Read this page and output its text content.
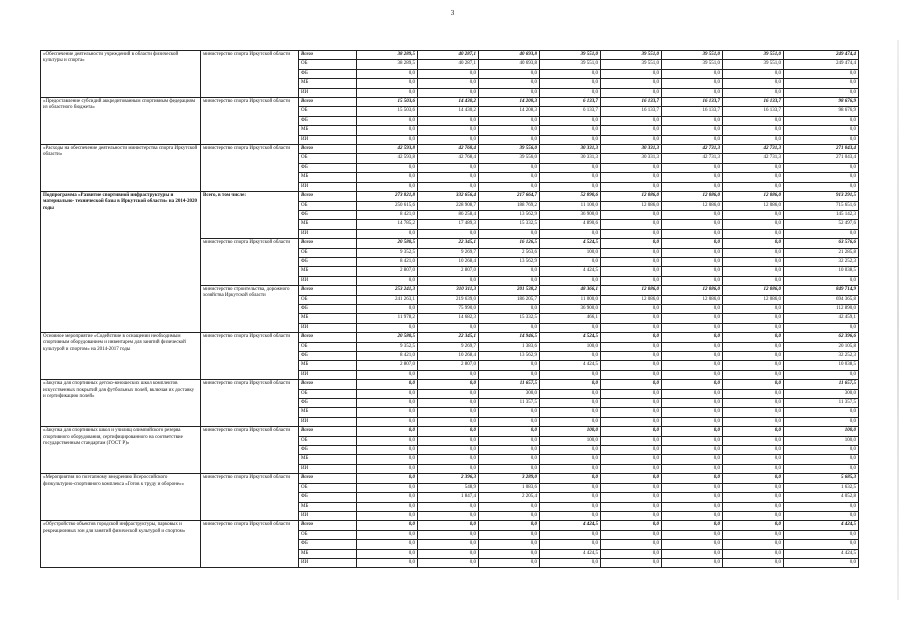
3
«Обеспечение деятельности учреждений в области физической культуры и спорта»	министерство спорта Иркутской области	Всего	38 289,5	40 287,1	40 693,8	39 551,0	39 551,0	39 551,0	39 551,0	249 474,4
		ОБ	38 289,5	40 287,1	40 693,8	39 551,0	39 551,0	39 551,0	39 551,0	249 474,4
		ФБ	0,0	0,0	0,0	0,0	0,0	0,0	0,0	0,0
		МБ	0,0	0,0	0,0	0,0	0,0	0,0	0,0	0,0
		ИИ	0,0	0,0	0,0	0,0	0,0	0,0	0,0	0,0
«Предоставление субсидий аккредитованным спортивным федерациям из областного бюджета»	министерство спорта Иркутской области	Всего	15 503,6	14 430,2	14 208,3	6 133,7	16 133,7	16 133,7	16 133,7	98 676,9
		ОБ	15 503,6	14 430,2	14 208,3	6 133,7	16 133,7	16 133,7	16 133,7	98 676,9
		ФБ	0,0	0,0	0,0	0,0	0,0	0,0	0,0	0,0
		МБ	0,0	0,0	0,0	0,0	0,0	0,0	0,0	0,0
		ИИ	0,0	0,0	0,0	0,0	0,0	0,0	0,0	0,0
«Расходы на обеспечение деятельности министерства спорта Иркутской области»	министерство спорта Иркутской области	Всего	42 593,8	42 768,4	39 556,0	30 331,3	30 331,3	42 731,3	42 731,3	271 043,4
		ОБ	42 593,8	42 768,4	39 556,0	30 331,3	30 331,3	42 731,3	42 731,3	271 043,4
		ФБ	0,0	0,0	0,0	0,0	0,0	0,0	0,0	0,0
		МБ	0,0	0,0	0,0	0,0	0,0	0,0	0,0	0,0
		ИИ	0,0	0,0	0,0	0,0	0,0	0,0	0,0	0,0
Подпрограмма «Развитие спортивной инфраструктуры и материально- технической базы в Иркутской области» на 2014-2020 годы	Всего, в том числе:	Всего	273 821,8	332 656,4	217 664,7	52 890,6	12 086,0	12 086,0	12 086,0	913 291,5
		ОБ	250 615,6	228 908,7	188 769,2	11 100,0	12 086,0	12 086,0	12 086,0	715 651,6
		ФБ	8 421,0	86 258,4	13 562,9	36 900,0	0,0	0,0	0,0	145 142,3
		МБ	14 785,2	17 489,3	15 332,5	4 890,6	0,0	0,0	0,0	52 497,6
		ИИ	0,0	0,0	0,0	0,0	0,0	0,0	0,0	0,0
	министерство спорта Иркутской области	Всего	20 580,5	22 345,1	16 126,5	4 524,5	0,0	0,0	0,0	63 576,6
		ОБ	9 352,5	9 269,7	2 563,6	100,0	0,0	0,0	0,0	21 285,8
		ФБ	8 421,0	10 268,4	13 562,9	0,0	0,0	0,0	0,0	32 252,3
		МБ	2 807,0	2 807,0	0,0	4 424,5	0,0	0,0	0,0	10 038,5
		ИИ	0,0	0,0	0,0	0,0	0,0	0,0	0,0	0,0
	министерство строительства, дорожного хозяйства Иркутской области	Всего	253 241,3	310 311,3	201 538,2	48 366,1	12 086,0	12 086,0	12 086,0	849 714,9
		ОБ	241 263,1	219 639,0	186 205,7	11 000,0	12 086,0	12 086,0	12 086,0	694 365,8
		ФБ	0,0	75 990,0	0,0	36 900,0	0,0	0,0	0,0	112 890,0
		МБ	11 978,2	14 682,3	15 332,5	466,1	0,0	0,0	0,0	42 459,1
		ИИ	0,0	0,0	0,0	0,0	0,0	0,0	0,0	0,0
Основное мероприятие «Содействие в оснащении необходимым спортивным оборудованием и инвентарем для занятий физической культурой и спортом» на 2014-2017 годы	министерство спорта Иркутской области	Всего	20 580,5	22 345,1	14 946,5	4 524,5	0,0	0,0	0,0	62 396,6
		ОБ	9 352,5	9 269,7	1 383,6	100,0	0,0	0,0	0,0	20 105,8
		ФБ	8 421,0	10 268,4	13 562,9	0,0	0,0	0,0	0,0	32 252,3
		МБ	2 807,0	2 807,0	0,0	4 424,5	0,0	0,0	0,0	10 038,5
		ИИ	0,0	0,0	0,0	0,0	0,0	0,0	0,0	0,0
«Закупка для спортивных детско-юношеских школ комплектов искусственных покрытий для футбольных полей, включая их доставку и сертификацию полей»	министерство спорта Иркутской области	Всего	0,0	0,0	11 657,5	0,0	0,0	0,0	0,0	11 657,5
		ОБ	0,0	0,0	300,0	0,0	0,0	0,0	0,0	300,0
		ФБ	0,0	0,0	11 357,5	0,0	0,0	0,0	0,0	11 357,5
		МБ	0,0	0,0	0,0	0,0	0,0	0,0	0,0	0,0
		ИИ	0,0	0,0	0,0	0,0	0,0	0,0	0,0	0,0
«Закупка для спортивных школ и училищ олимпийского резерва спортивного оборудования, сертифицированного на соответствие государственным стандартам (ГОСТ Р)»	министерство спорта Иркутской области	Всего	0,0	0,0	0,0	100,0	0,0	0,0	0,0	100,0
		ОБ	0,0	0,0	0,0	100,0	0,0	0,0	0,0	100,0
		ФБ	0,0	0,0	0,0	0,0	0,0	0,0	0,0	0,0
		МБ	0,0	0,0	0,0	0,0	0,0	0,0	0,0	0,0
		ИИ	0,0	0,0	0,0	0,0	0,0	0,0	0,0	0,0
«Мероприятия по поэтапному внедрению Всероссийского физкультурно-спортивного комплекса «Готов к труду и обороне»»	министерство спорта Иркутской области	Всего	0,0	2 396,3	3 289,0	0,0	0,0	0,0	0,0	5 685,3
		ОБ	0,0	548,9	1 083,6	0,0	0,0	0,0	0,0	1 632,5
		ФБ	0,0	1 847,4	2 205,4	0,0	0,0	0,0	0,0	4 052,8
		МБ	0,0	0,0	0,0	0,0	0,0	0,0	0,0	0,0
		ИИ	0,0	0,0	0,0	0,0	0,0	0,0	0,0	0,0
«Обустройство объектов городской инфраструктуры, парковых и рекреационных зон для занятий физической культурой и спортом»	министерство спорта Иркутской области	Всего	0,0	0,0	0,0	4 424,5	0,0	0,0	0,0	4 424,5
		ОБ	0,0	0,0	0,0	0,0	0,0	0,0	0,0	0,0
		ФБ	0,0	0,0	0,0	0,0	0,0	0,0	0,0	0,0
		МБ	0,0	0,0	0,0	4 424,5	0,0	0,0	0,0	4 424,5
		ИИ	0,0	0,0	0,0	0,0	0,0	0,0	0,0	0,0
